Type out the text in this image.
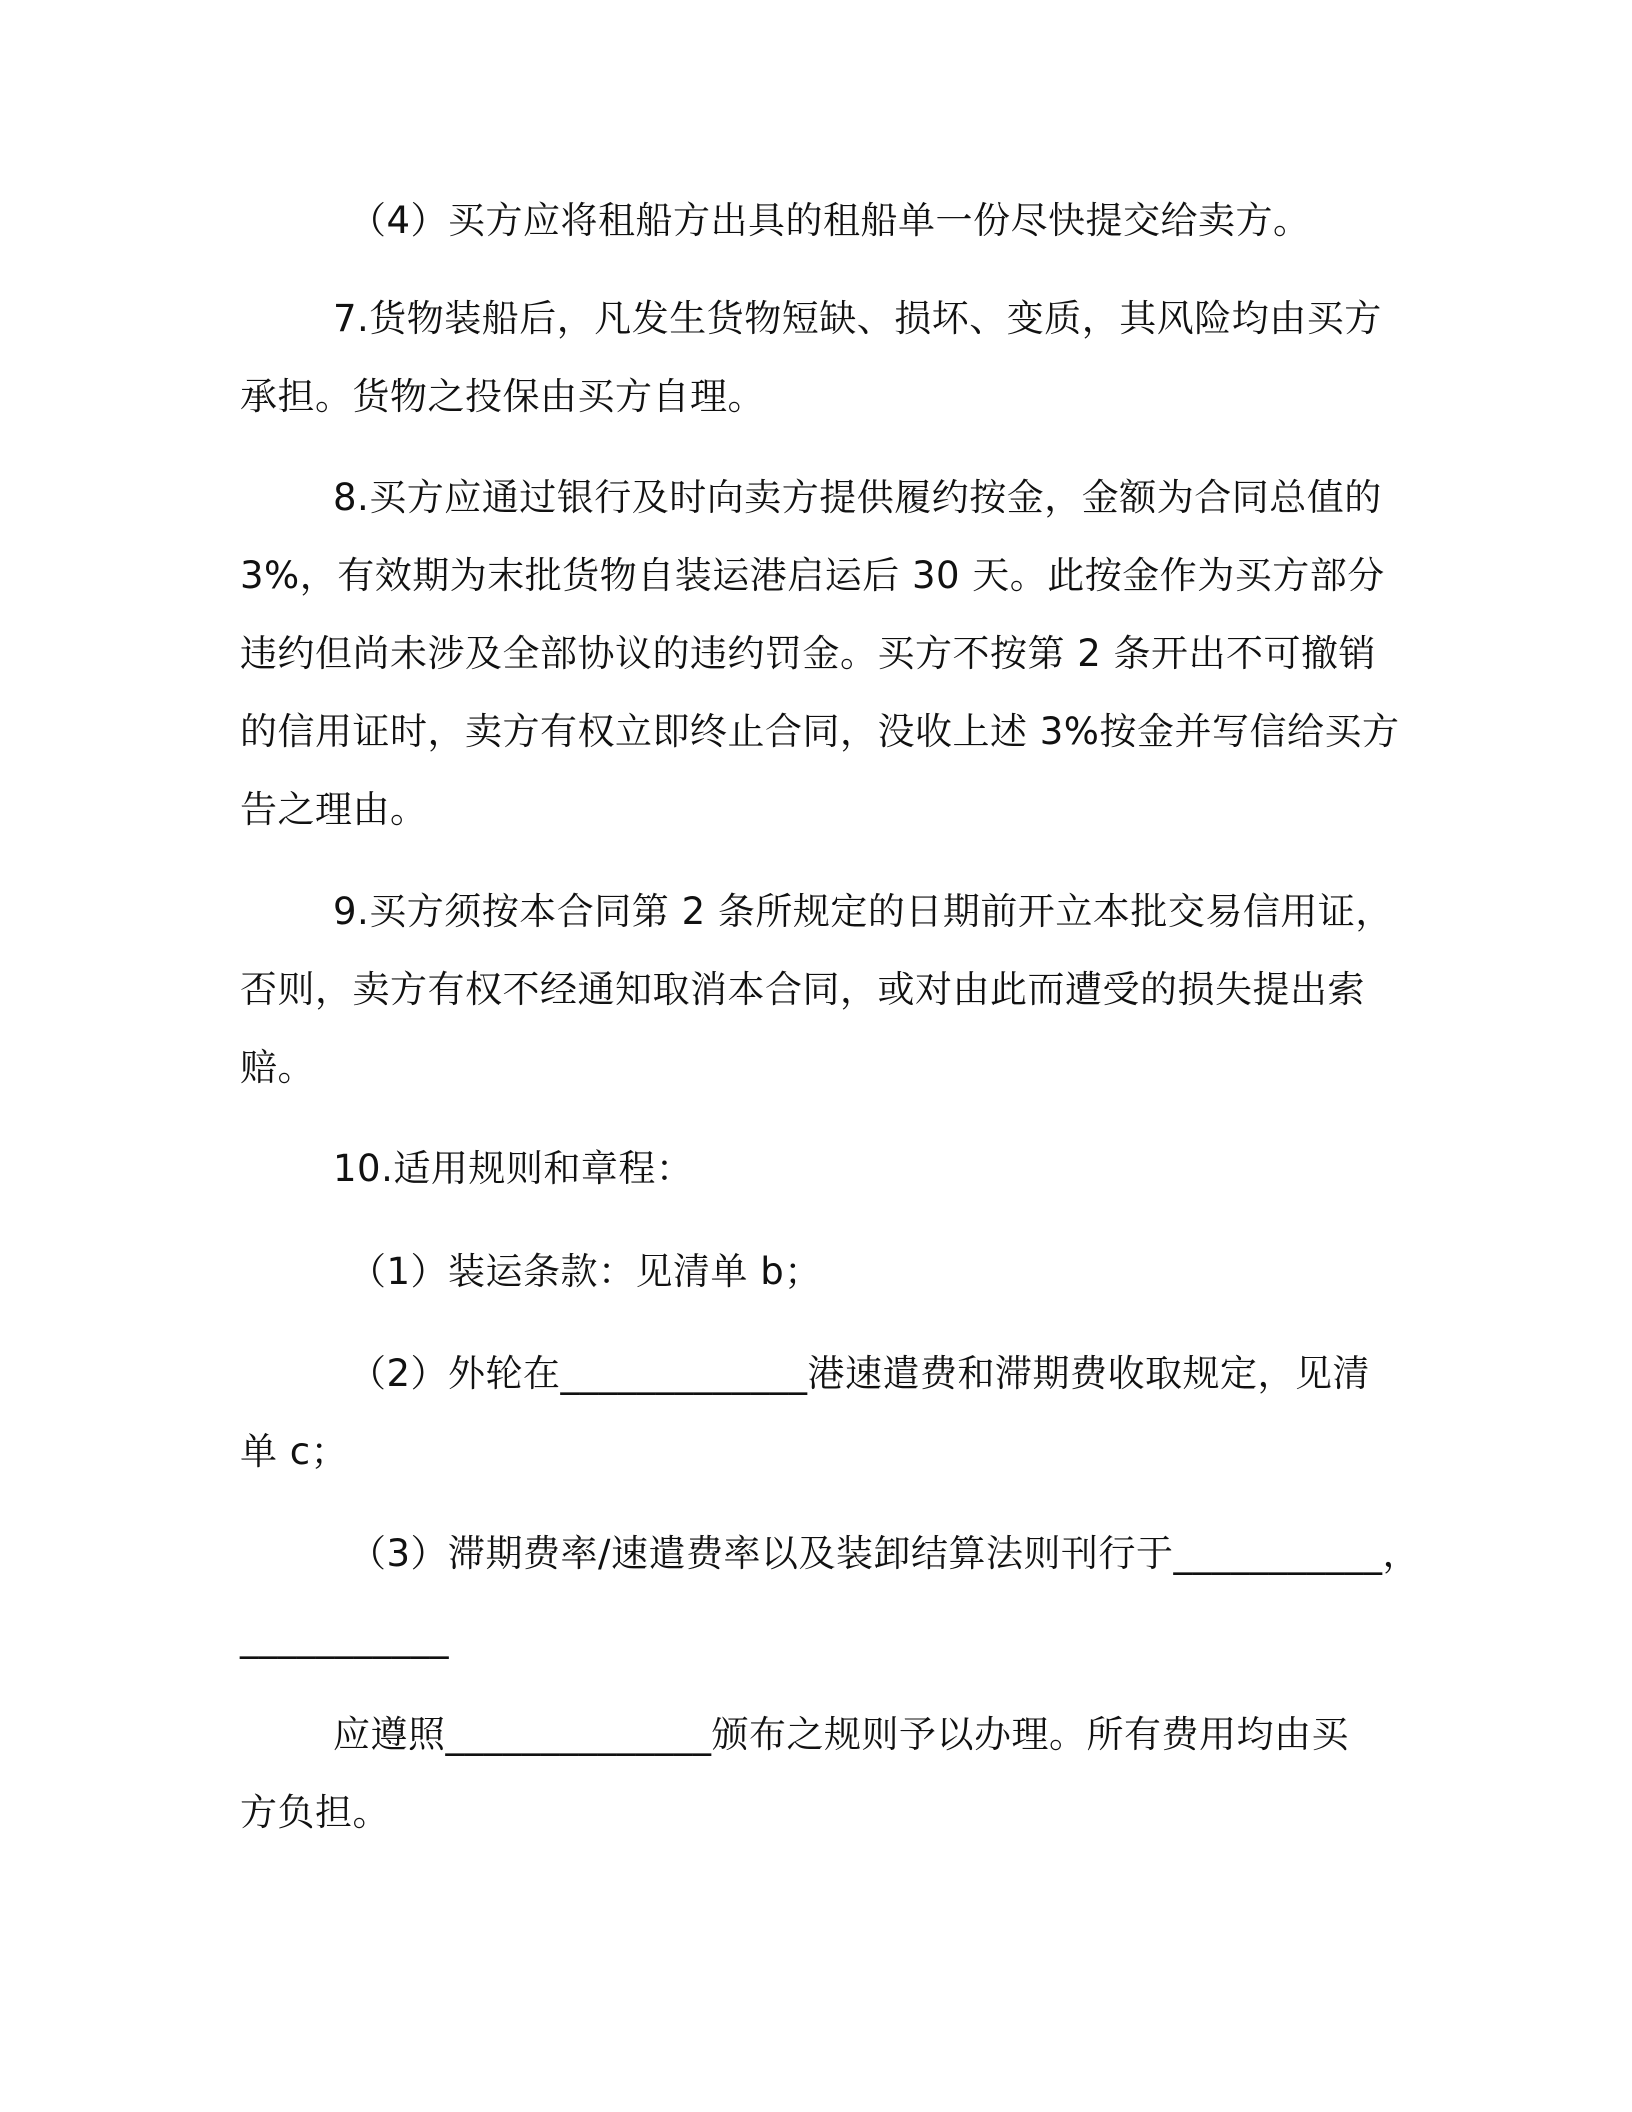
（4）买方应将租船方出具的租船单一份尽快提交给卖方。
7.货物装船后，凡发生货物短缺、损坏、变质，其风险均由买方
承担。货物之投保由买方自理。
8.买方应通过银行及时向卖方提供履约按金，金额为合同总值的
3%，有效期为末批货物自装运港启运后 30 天。此按金作为买方部分
违约但尚未涉及全部协议的违约罚金。买方不按第 2 条开出不可撤销
的信用证时，卖方有权立即终止合同，没收上述 3%按金并写信给买方
告之理由。
9.买方须按本合同第 2 条所规定的日期前开立本批交易信用证，
否则，卖方有权不经通知取消本合同，或对由此而遭受的损失提出索
赔。
10.适用规则和章程：
（1）装运条款：见清单 b；
（2）外轮在_____________港速遣费和滞期费收取规定，见清
单 c；
（3）滞期费率/速遣费率以及装卸结算法则刊行于___________，
___________
应遵照______________颁布之规则予以办理。所有费用均由买
方负担。
